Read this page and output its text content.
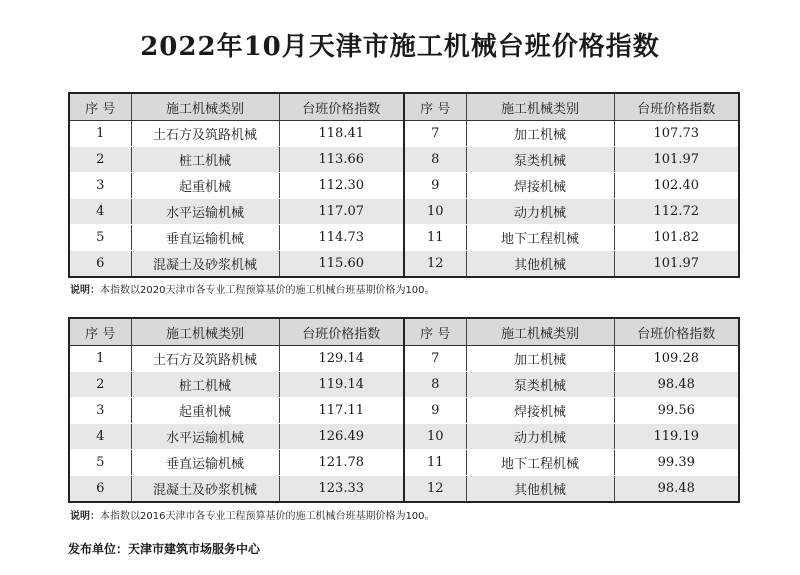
2022年10月天津市施工机械台班价格指数
序 号	施工机械类别	台班价格指数	序 号	施工机械类别	台班价格指数
1	土石方及筑路机械	118.41	7	加工机械	107.73
2	桩工机械	113.66	8	泵类机械	101.97
3	起重机械	112.30	9	焊接机械	102.40
4	水平运输机械	117.07	10	动力机械	112.72
5	垂直运输机械	114.73	11	地下工程机械	101.82
6	混凝土及砂浆机械	115.60	12	其他机械	101.97
说明：本指数以2020天津市各专业工程预算基价的施工机械台班基期价格为100。
序 号	施工机械类别	台班价格指数	序 号	施工机械类别	台班价格指数
1	土石方及筑路机械	129.14	7	加工机械	109.28
2	桩工机械	119.14	8	泵类机械	98.48
3	起重机械	117.11	9	焊接机械	99.56
4	水平运输机械	126.49	10	动力机械	119.19
5	垂直运输机械	121.78	11	地下工程机械	99.39
6	混凝土及砂浆机械	123.33	12	其他机械	98.48
说明：本指数以2016天津市各专业工程预算基价的施工机械台班基期价格为100。
发布单位：天津市建筑市场服务中心
